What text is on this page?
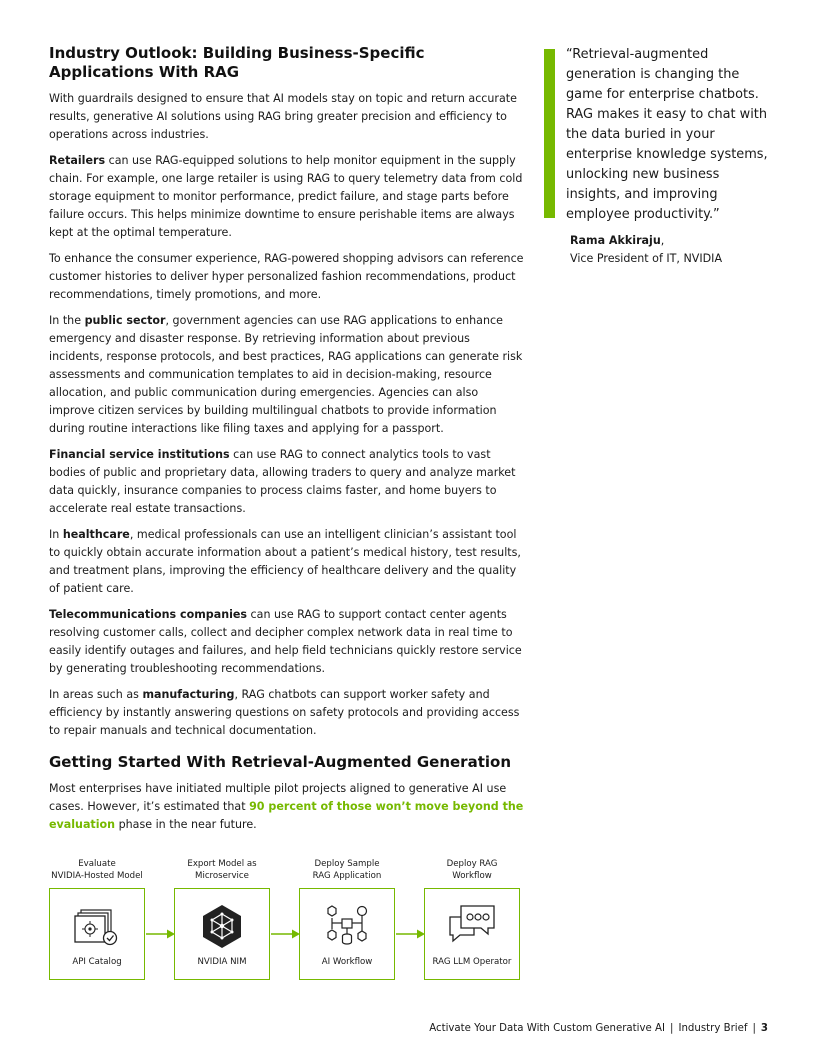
Industry Outlook: Building Business-Specific Applications With RAG

With guardrails designed to ensure that AI models stay on topic and return accurate results, generative AI solutions using RAG bring greater precision and efficiency to operations across industries.

Retailers can use RAG-equipped solutions to help monitor equipment in the supply chain. For example, one large retailer is using RAG to query telemetry data from cold storage equipment to monitor performance, predict failure, and stage parts before failure occurs. This helps minimize downtime to ensure perishable items are always kept at the optimal temperature.

To enhance the consumer experience, RAG-powered shopping advisors can reference customer histories to deliver hyper personalized fashion recommendations, product recommendations, timely promotions, and more.

In the public sector, government agencies can use RAG applications to enhance emergency and disaster response. By retrieving information about previous incidents, response protocols, and best practices, RAG applications can generate risk assessments and communication templates to aid in decision-making, resource allocation, and public communication during emergencies. Agencies can also improve citizen services by building multilingual chatbots to provide information during routine interactions like filing taxes and applying for a passport.

Financial service institutions can use RAG to connect analytics tools to vast bodies of public and proprietary data, allowing traders to query and analyze market data quickly, insurance companies to process claims faster, and home buyers to accelerate real estate transactions.

In healthcare, medical professionals can use an intelligent clinician’s assistant tool to quickly obtain accurate information about a patient’s medical history, test results, and treatment plans, improving the efficiency of healthcare delivery and the quality of patient care.

Telecommunications companies can use RAG to support contact center agents resolving customer calls, collect and decipher complex network data in real time to easily identify outages and failures, and help field technicians quickly restore service by generating troubleshooting recommendations.

In areas such as manufacturing, RAG chatbots can support worker safety and efficiency by instantly answering questions on safety protocols and providing access to repair manuals and technical documentation.

Getting Started With Retrieval-Augmented Generation

Most enterprises have initiated multiple pilot projects aligned to generative AI use cases. However, it’s estimated that 90 percent of those won’t move beyond the evaluation phase in the near future.

“Retrieval-augmented generation is changing the game for enterprise chatbots. RAG makes it easy to chat with the data buried in your enterprise knowledge systems, unlocking new business insights, and improving employee productivity.”
Rama Akkiraju,
Vice President of IT, NVIDIA
Evaluate
NVIDIA-Hosted Model
API Catalog
Export Model as
Microservice
NVIDIA NIM
Deploy Sample
RAG Application
AI Workflow
Deploy RAG
Workflow
RAG LLM Operator
Activate Your Data With Custom Generative AI | Industry Brief | 3
